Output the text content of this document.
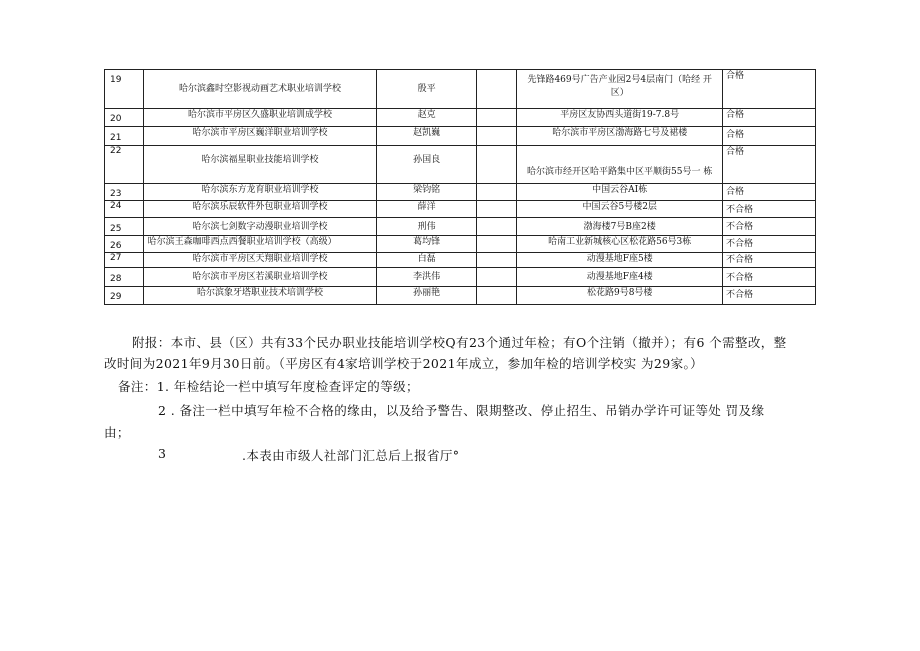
19	哈尔滨鑫时空影视动画艺术职业培训学校	殷平		先锋路469号广告产业园2号4层南门（哈经 开
区）	合格
20	哈尔滨市平房区久盛职业培训成学校	赵克		平房区友协西头道街19-7.8号	合格
21	哈尔滨市平房区巍洋职业培训学校	赵凯巍		哈尔滨市平房区渤海路七号及裙楼	合格
22	哈尔滨福星职业技能培训学校	孙国良		哈尔滨市经开区哈平路集中区平顺街55号一 栋	合格
23	哈尔滨东方龙育职业培训学校	梁钧铭		中国云谷AI栋	合格
24	哈尔滨乐辰软件外包职业培训学校	薛洋		中国云谷5号楼2层	不合格
25	哈尔滨七剑数字动漫职业培训学校	刑伟		渤海楼7号B座2楼	不合格
26	哈尔滨王森咖啡西点西餐职业培训学校（高级）	葛均锋		哈南工业新城核心区松花路56号3栋	不合格
27	哈尔滨市平房区天翔职业培训学校	白磊		动漫基地F座5楼	不合格
28	哈尔滨市平房区若溪职业培训学校	李洪伟		动漫基地F座4楼	不合格
29	哈尔滨象牙塔职业技术培训学校	孙丽艳		松花路9号8号楼	不合格
附报：本市、县（区）共有33个民办职业技能培训学校Q有23个通过年检；有O个注销（撤并）；有6 个需整改，整
改时间为2021年9月30日前。（平房区有4家培训学校于2021年成立，参加年检的培训学校实 为29家。）
备注：1. 年检结论一栏中填写年度检查评定的等级；
2 . 备注一栏中填写年检不合格的缘由，以及给予警告、限期整改、停止招生、吊销办学许可证等处 罚及缘
由；
3	.本表由市级人社部门汇总后上报省厅°
